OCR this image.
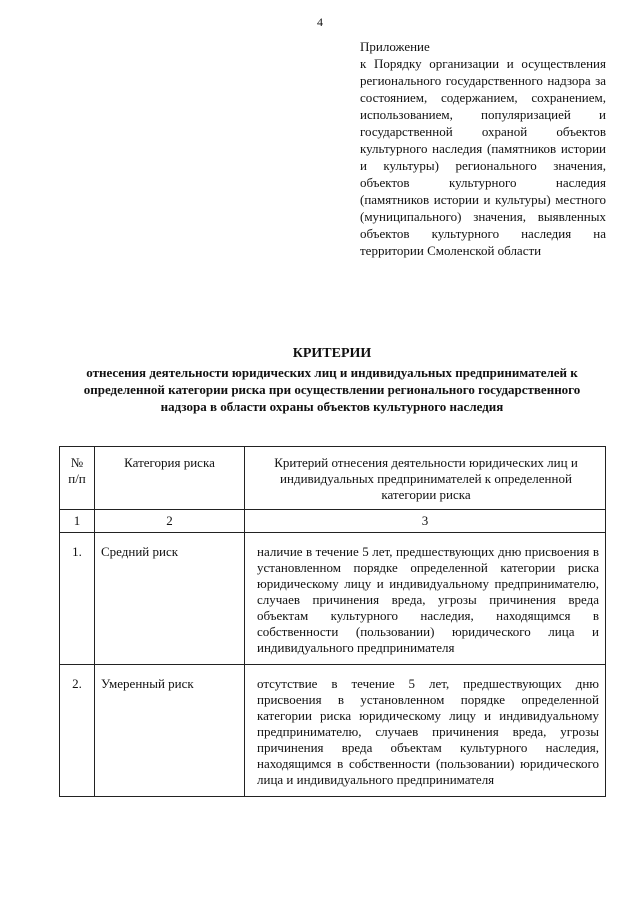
4
Приложение
к Порядку организации и осуществления регионального государственного надзора за состоянием, содержанием, сохранением, использованием, популяризацией и государственной охраной объектов культурного наследия (памятников истории и культуры) регионального значения, объектов культурного наследия (памятников истории и культуры) местного (муниципального) значения, выявленных объектов культурного наследия на территории Смоленской области
КРИТЕРИИ
отнесения деятельности юридических лиц и индивидуальных предпринимателей к определенной категории риска при осуществлении регионального государственного надзора в области охраны объектов культурного наследия
№ п/п	Категория риска	Критерий отнесения деятельности юридических лиц и индивидуальных предпринимателей к определенной категории риска
1	2	3
1.	Средний риск	наличие в течение 5 лет, предшествующих дню присвоения в установленном порядке определенной категории риска юридическому лицу и индивидуальному предпринимателю, случаев причинения вреда, угрозы причинения вреда объектам культурного наследия, находящимся в собственности (пользовании) юридического лица и индивидуального предпринимателя
2.	Умеренный риск	отсутствие в течение 5 лет, предшествующих дню присвоения в установленном порядке определенной категории риска юридическому лицу и индивидуальному предпринимателю, случаев причинения вреда, угрозы причинения вреда объектам культурного наследия, находящимся в собственности (пользовании) юридического лица и индивидуального предпринимателя
